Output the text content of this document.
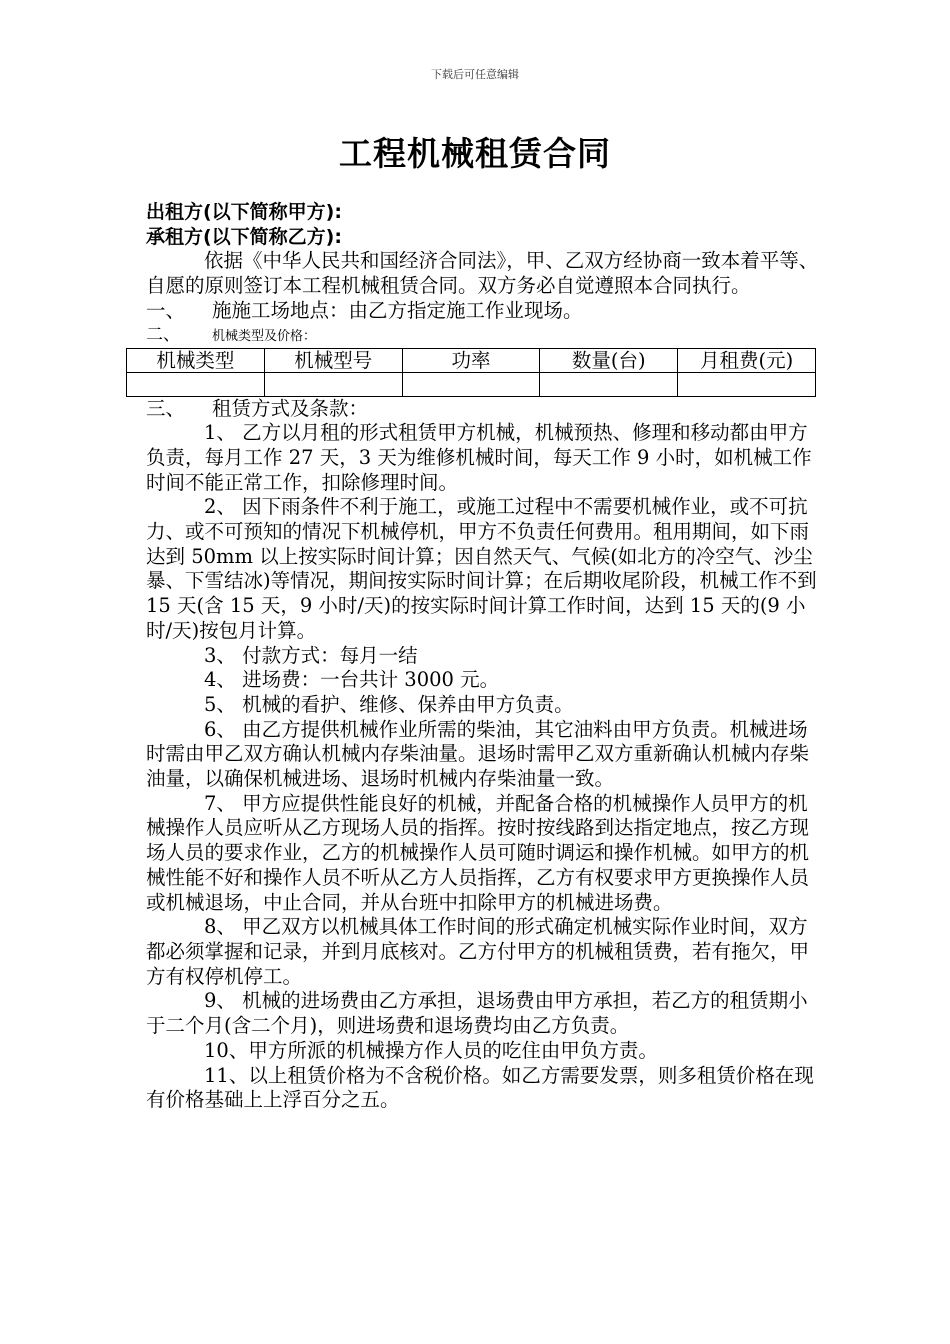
下载后可任意编辑
工程机械租赁合同

出租方(以下简称甲方):

承租方(以下简称乙方):

依据《中华人民共和国经济合同法》，甲、乙双方经协商一致本着平等、自愿的原则签订本工程机械租赁合同。双方务必自觉遵照本合同执行。

一、 施施工场地点：由乙方指定施工作业现场。

二、 机械类型及价格：

机械类型	机械型号	功率	数量(台)	月租费(元)

三、 租赁方式及条款：

1、 乙方以月租的形式租赁甲方机械，机械预热、修理和移动都由甲方负责，每月工作 27 天，3 天为维修机械时间，每天工作 9 小时，如机械工作时间不能正常工作，扣除修理时间。

2、 因下雨条件不利于施工，或施工过程中不需要机械作业，或不可抗力、或不可预知的情况下机械停机，甲方不负责任何费用。租用期间，如下雨达到 50mm 以上按实际时间计算；因自然天气、气候(如北方的冷空气、沙尘暴、下雪结冰)等情况，期间按实际时间计算；在后期收尾阶段，机械工作不到 15 天(含 15 天，9 小时/天)的按实际时间计算工作时间，达到 15 天的(9 小时/天)按包月计算。

3、 付款方式：每月一结

4、 进场费：一台共计 3000 元。

5、 机械的看护、维修、保养由甲方负责。

6、 由乙方提供机械作业所需的柴油，其它油料由甲方负责。机械进场时需由甲乙双方确认机械内存柴油量。退场时需甲乙双方重新确认机械内存柴油量，以确保机械进场、退场时机械内存柴油量一致。

7、 甲方应提供性能良好的机械，并配备合格的机械操作人员甲方的机械操作人员应听从乙方现场人员的指挥。按时按线路到达指定地点，按乙方现场人员的要求作业，乙方的机械操作人员可随时调运和操作机械。如甲方的机械性能不好和操作人员不听从乙方人员指挥，乙方有权要求甲方更换操作人员或机械退场，中止合同，并从台班中扣除甲方的机械进场费。

8、 甲乙双方以机械具体工作时间的形式确定机械实际作业时间，双方都必须掌握和记录，并到月底核对。乙方付甲方的机械租赁费，若有拖欠，甲方有权停机停工。

9、 机械的进场费由乙方承担，退场费由甲方承担，若乙方的租赁期小于二个月(含二个月)，则进场费和退场费均由乙方负责。

10、甲方所派的机械操方作人员的吃住由甲负方责。

11、以上租赁价格为不含税价格。如乙方需要发票，则多租赁价格在现有价格基础上上浮百分之五。
